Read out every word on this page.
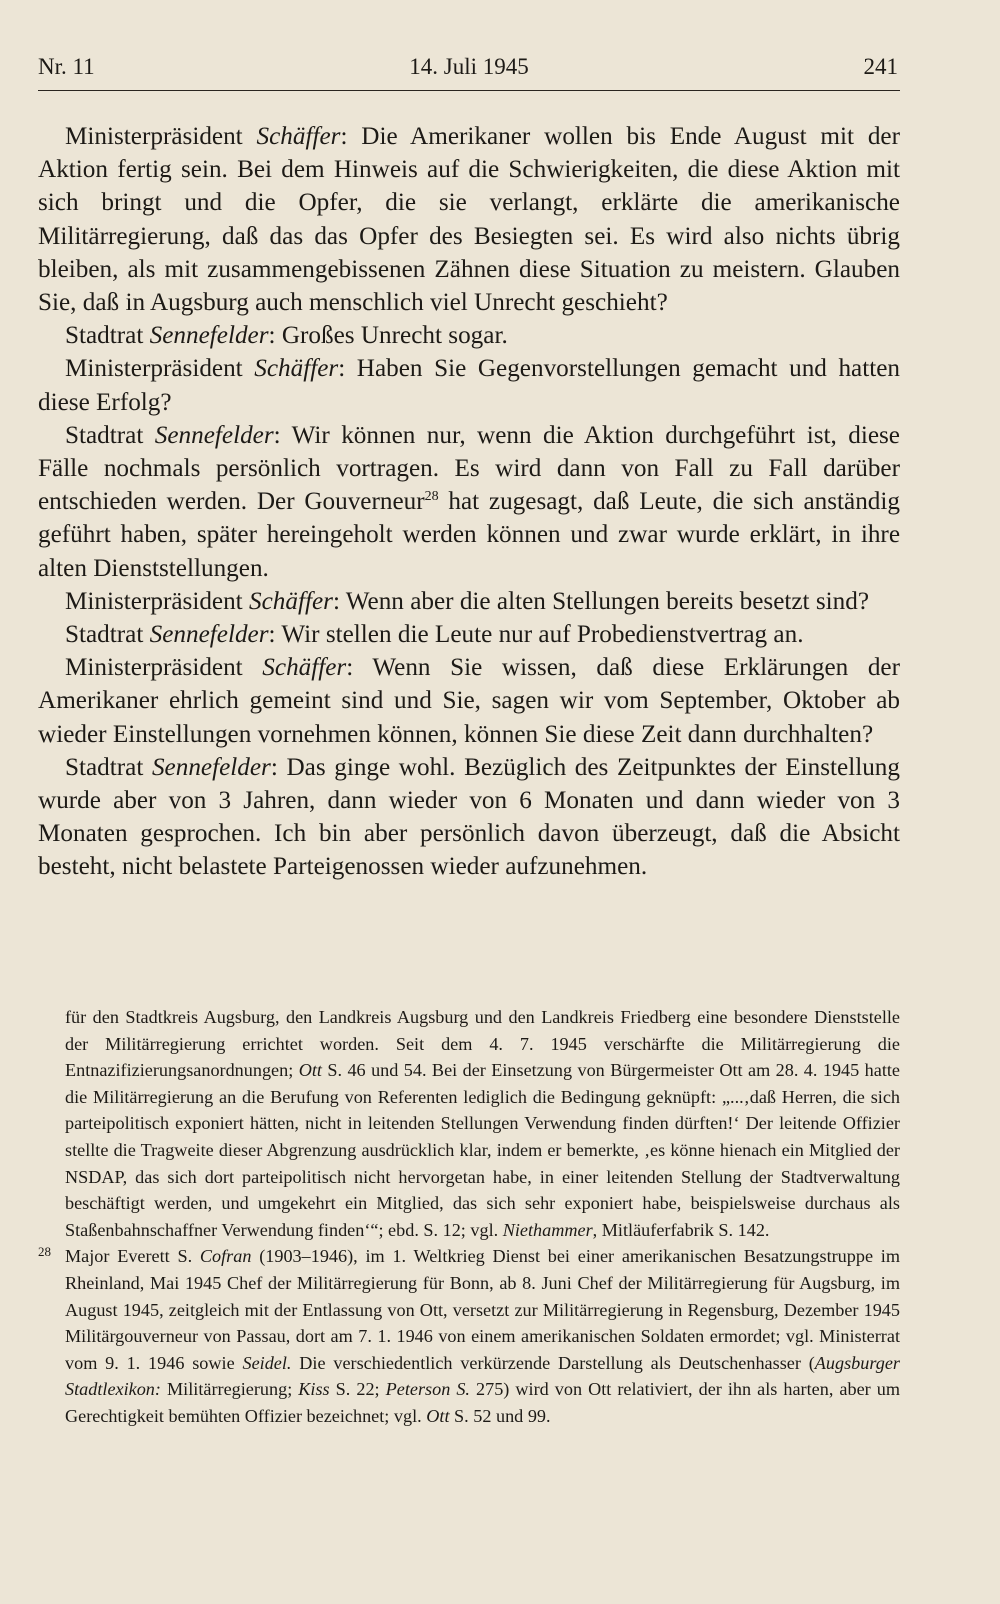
Nr. 11	14. Juli 1945	241

Ministerpräsident Schäffer: Die Amerikaner wollen bis Ende August mit der Aktion fertig sein. Bei dem Hinweis auf die Schwierigkeiten, die diese Aktion mit sich bringt und die Opfer, die sie verlangt, erklärte die amerikanische Militärregierung, daß das das Opfer des Besiegten sei. Es wird also nichts übrig bleiben, als mit zusammengebissenen Zähnen diese Situation zu meistern. Glauben Sie, daß in Augsburg auch menschlich viel Unrecht geschieht?

Stadtrat Sennefelder: Großes Unrecht sogar.

Ministerpräsident Schäffer: Haben Sie Gegenvorstellungen gemacht und hatten diese Erfolg?

Stadtrat Sennefelder: Wir können nur, wenn die Aktion durchgeführt ist, diese Fälle nochmals persönlich vortragen. Es wird dann von Fall zu Fall darüber entschieden werden. Der Gouverneur$^{28}$ hat zugesagt, daß Leute, die sich anständig geführt haben, später hereingeholt werden können und zwar wurde erklärt, in ihre alten Dienststellungen.

Ministerpräsident Schäffer: Wenn aber die alten Stellungen bereits besetzt sind?

Stadtrat Sennefelder: Wir stellen die Leute nur auf Probedienstvertrag an.

Ministerpräsident Schäffer: Wenn Sie wissen, daß diese Erklärungen der Amerikaner ehrlich gemeint sind und Sie, sagen wir vom September, Oktober ab wieder Einstellungen vornehmen können, können Sie diese Zeit dann durchhalten?

Stadtrat Sennefelder: Das ginge wohl. Bezüglich des Zeitpunktes der Einstellung wurde aber von 3 Jahren, dann wieder von 6 Monaten und dann wieder von 3 Monaten gesprochen. Ich bin aber persönlich davon überzeugt, daß die Absicht besteht, nicht belastete Parteigenossen wieder aufzunehmen.

für den Stadtkreis Augsburg, den Landkreis Augsburg und den Landkreis Friedberg eine besondere Dienststelle der Militärregierung errichtet worden. Seit dem 4. 7. 1945 verschärfte die Militärregierung die Entnazifizierungsanordnungen; Ott S. 46 und 54. Bei der Einsetzung von Bürgermeister Ott am 28. 4. 1945 hatte die Militärregierung an die Berufung von Referenten lediglich die Bedingung geknüpft: „...‚daß Herren, die sich parteipolitisch exponiert hätten, nicht in leitenden Stellungen Verwendung finden dürften!‘ Der leitende Offizier stellte die Tragweite dieser Abgrenzung ausdrücklich klar, indem er bemerkte, ‚es könne hienach ein Mitglied der NSDAP, das sich dort parteipolitisch nicht hervorgetan habe, in einer leitenden Stellung der Stadtverwaltung beschäftigt werden, und umgekehrt ein Mitglied, das sich sehr exponiert habe, beispielsweise durchaus als Staßenbahnschaffner Verwendung finden‘“; ebd. S. 12; vgl. Niethammer, Mitläuferfabrik S. 142.

28 Major Everett S. Cofran (1903–1946), im 1. Weltkrieg Dienst bei einer amerikanischen Besatzungstruppe im Rheinland, Mai 1945 Chef der Militärregierung für Bonn, ab 8. Juni Chef der Militärregierung für Augsburg, im August 1945, zeitgleich mit der Entlassung von Ott, versetzt zur Militärregierung in Regensburg, Dezember 1945 Militärgouverneur von Passau, dort am 7. 1. 1946 von einem amerikanischen Soldaten ermordet; vgl. Ministerrat vom 9. 1. 1946 sowie Seidel. Die verschiedentlich verkürzende Darstellung als Deutschenhasser (Augsburger Stadtlexikon: Militärregierung; Kiss S. 22; Peterson S. 275) wird von Ott relativiert, der ihn als harten, aber um Gerechtigkeit bemühten Offizier bezeichnet; vgl. Ott S. 52 und 99.
